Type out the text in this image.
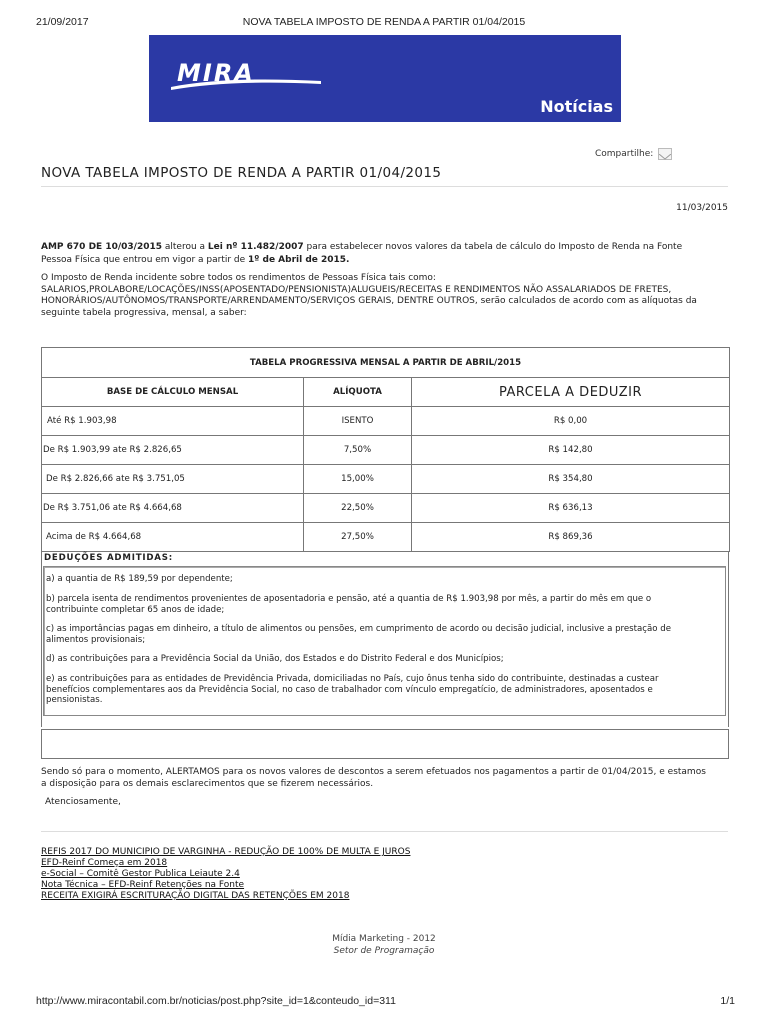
21/09/2017	NOVA TABELA IMPOSTO DE RENDA A PARTIR 01/04/2015
MIRA
Notícias
Compartilhe:
NOVA TABELA IMPOSTO DE RENDA A PARTIR 01/04/2015
11/03/2015
AMP 670 DE 10/03/2015 alterou a Lei nº 11.482/2007 para estabelecer novos valores da tabela de cálculo do Imposto de Renda na Fonte
Pessoa Física que entrou em vigor a partir de 1º de Abril de 2015.
O Imposto de Renda incidente sobre todos os rendimentos de Pessoas Física tais como:
SALARIOS,PROLABORE/LOCAÇÕES/INSS(APOSENTADO/PENSIONISTA)ALUGUEIS/RECEITAS E RENDIMENTOS NÃO ASSALARIADOS DE FRETES,
HONORÁRIOS/AUTÔNOMOS/TRANSPORTE/ARRENDAMENTO/SERVIÇOS GERAIS, DENTRE OUTROS, serão calculados de acordo com as alíquotas da
seguinte tabela progressiva, mensal, a saber:
TABELA PROGRESSIVA MENSAL A PARTIR DE ABRIL/2015		
BASE DE CÁLCULO MENSAL	ALÍQUOTA	PARCELA A DEDUZIR
Até R$ 1.903,98	ISENTO	R$ 0,00
De R$ 1.903,99 ate R$ 2.826,65	7,50%	R$ 142,80
De R$ 2.826,66 ate R$ 3.751,05	15,00%	R$ 354,80
De R$ 3.751,06 ate R$ 4.664,68	22,50%	R$ 636,13
Acima de R$ 4.664,68	27,50%	R$ 869,36
DEDUÇÕES ADMITIDAS:
a) a quantia de R$ 189,59 por dependente;
b) parcela isenta de rendimentos provenientes de aposentadoria e pensão, até a quantia de R$ 1.903,98 por mês, a partir do mês em que o
contribuinte completar 65 anos de idade;
c) as importâncias pagas em dinheiro, a título de alimentos ou pensões, em cumprimento de acordo ou decisão judicial, inclusive a prestação de
alimentos provisionais;
d) as contribuições para a Previdência Social da União, dos Estados e do Distrito Federal e dos Municípios;
e) as contribuições para as entidades de Previdência Privada, domiciliadas no País, cujo ônus tenha sido do contribuinte, destinadas a custear
benefícios complementares aos da Previdência Social, no caso de trabalhador com vínculo empregatício, de administradores, aposentados e
pensionistas.
Sendo só para o momento, ALERTAMOS para os novos valores de descontos a serem efetuados nos pagamentos a partir de 01/04/2015, e estamos
a disposição para os demais esclarecimentos que se fizerem necessários.
Atenciosamente,
REFIS 2017 DO MUNICIPIO DE VARGINHA - REDUÇÃO DE 100% DE MULTA E JUROS
EFD-Reinf Começa em 2018
e-Social – Comitê Gestor Publica Leiaute 2.4
Nota Técnica – EFD-Reinf Retenções na Fonte
RECEITA EXIGIRÁ ESCRITURAÇÃO DIGITAL DAS RETENÇÕES EM 2018
Mídia Marketing - 2012
Setor de Programação
http://www.miracontabil.com.br/noticias/post.php?site_id=1&conteudo_id=311	1/1
